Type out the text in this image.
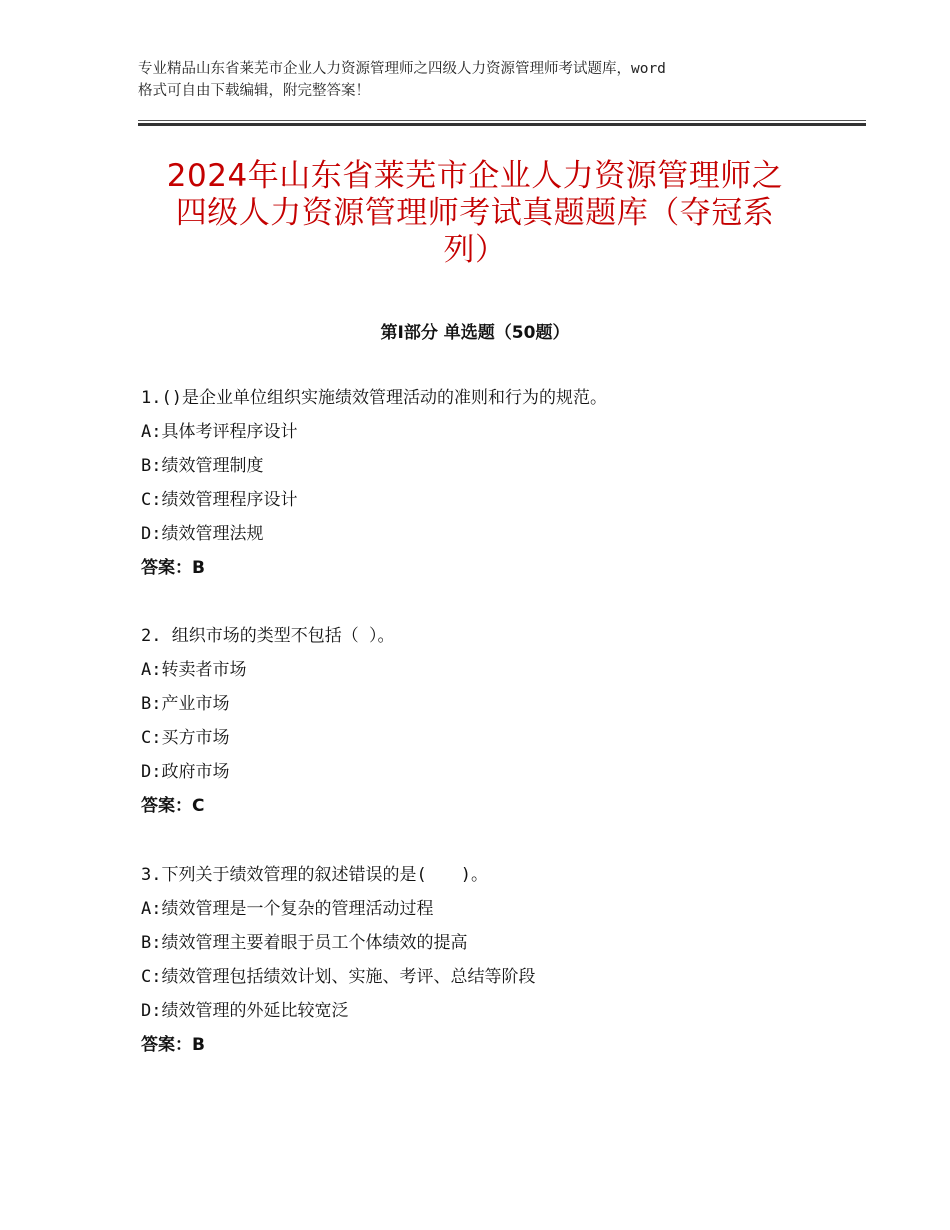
专业精品山东省莱芜市企业人力资源管理师之四级人力资源管理师考试题库，word
格式可自由下载编辑，附完整答案！
2024年山东省莱芜市企业人力资源管理师之
四级人力资源管理师考试真题题库（夺冠系
列）
第Ⅰ部分 单选题（50题）
1.()是企业单位组织实施绩效管理活动的准则和行为的规范。
A:具体考评程序设计
B:绩效管理制度
C:绩效管理程序设计
D:绩效管理法规
答案：B
2. 组织市场的类型不包括（ ）。
A:转卖者市场
B:产业市场
C:买方市场
D:政府市场
答案：C
3.下列关于绩效管理的叙述错误的是(　　)。
A:绩效管理是一个复杂的管理活动过程
B:绩效管理主要着眼于员工个体绩效的提高
C:绩效管理包括绩效计划、实施、考评、总结等阶段
D:绩效管理的外延比较宽泛
答案：B
